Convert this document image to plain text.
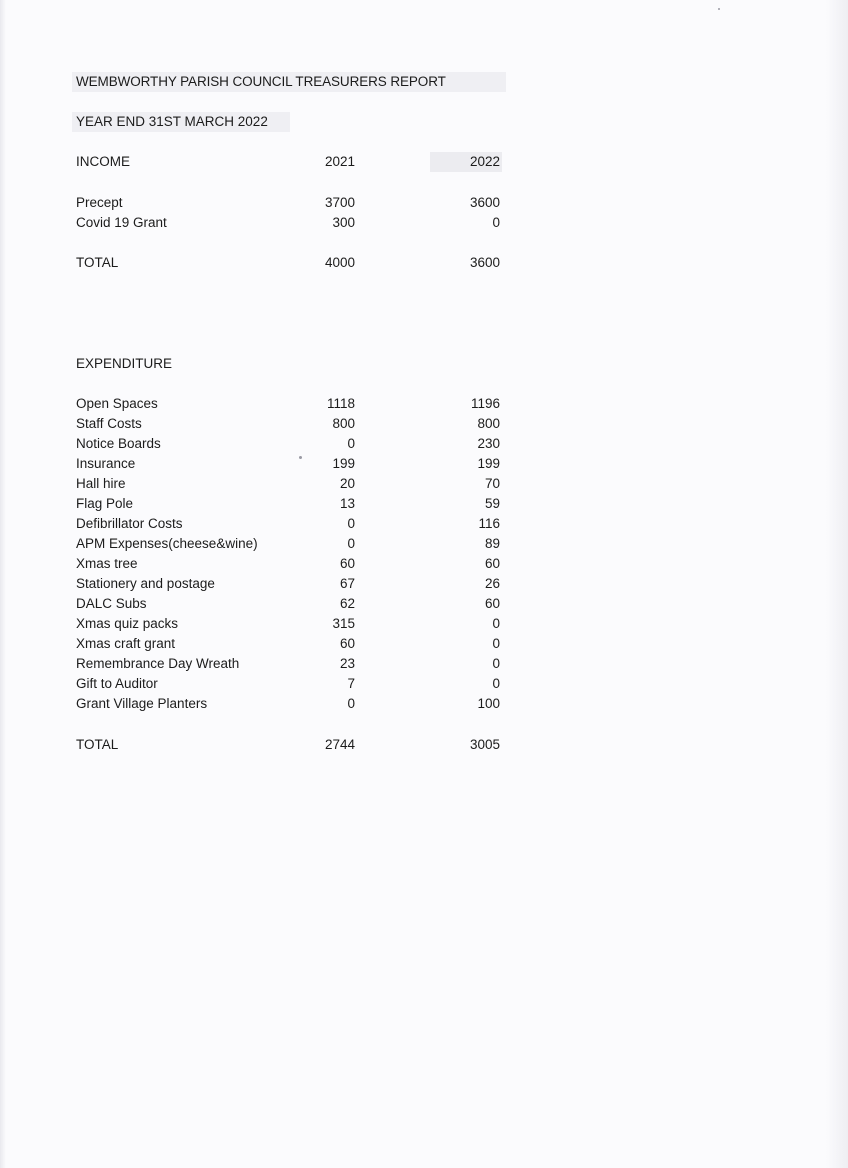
WEMBWORTHY PARISH COUNCIL TREASURERS REPORT
YEAR END 31ST MARCH 2022
INCOME	2021	2022
Precept	3700	3600
Covid 19 Grant	300	0
TOTAL	4000	3600
EXPENDITURE
Open Spaces	1118	1196
Staff Costs	800	800
Notice Boards	0	230
Insurance	199	199
Hall hire	20	70
Flag Pole	13	59
Defibrillator Costs	0	116
APM Expenses(cheese&wine)	0	89
Xmas tree	60	60
Stationery and postage	67	26
DALC Subs	62	60
Xmas quiz packs	315	0
Xmas craft grant	60	0
Remembrance Day Wreath	23	0
Gift to Auditor	7	0
Grant Village Planters	0	100
TOTAL	2744	3005
